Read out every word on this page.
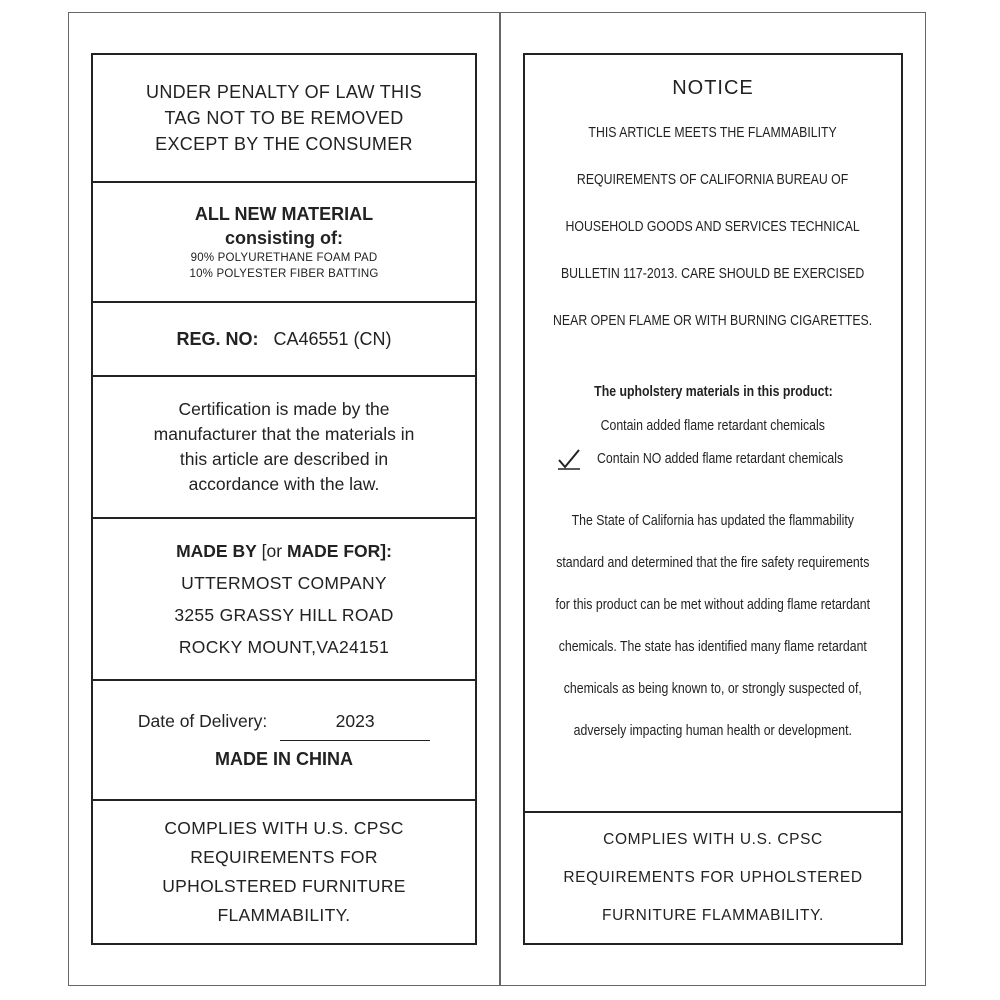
UNDER PENALTY OF LAW THIS
TAG NOT TO BE REMOVED
EXCEPT BY THE CONSUMER
ALL NEW MATERIAL
consisting of:
90% POLYURETHANE FOAM PAD
10% POLYESTER FIBER BATTING
REG. NO: CA46551 (CN)
Certification is made by the
manufacturer that the materials in
this article are described in
accordance with the law.
MADE BY [or MADE FOR]:
UTTERMOST COMPANY
3255 GRASSY HILL ROAD
ROCKY MOUNT,VA24151
Date of Delivery:	2023
MADE IN CHINA
COMPLIES WITH U.S. CPSC
REQUIREMENTS FOR
UPHOLSTERED FURNITURE
FLAMMABILITY.
NOTICE
THIS ARTICLE MEETS THE FLAMMABILITY
REQUIREMENTS OF CALIFORNIA BUREAU OF
HOUSEHOLD GOODS AND SERVICES TECHNICAL
BULLETIN 117-2013. CARE SHOULD BE EXERCISED
NEAR OPEN FLAME OR WITH BURNING CIGARETTES.
The upholstery materials in this product:
Contain added flame retardant chemicals
Contain NO added flame retardant chemicals
The State of California has updated the flammability
standard and determined that the fire safety requirements
for this product can be met without adding flame retardant
chemicals. The state has identified many flame retardant
chemicals as being known to, or strongly suspected of,
adversely impacting human health or development.
COMPLIES WITH U.S. CPSC
REQUIREMENTS FOR UPHOLSTERED
FURNITURE FLAMMABILITY.
